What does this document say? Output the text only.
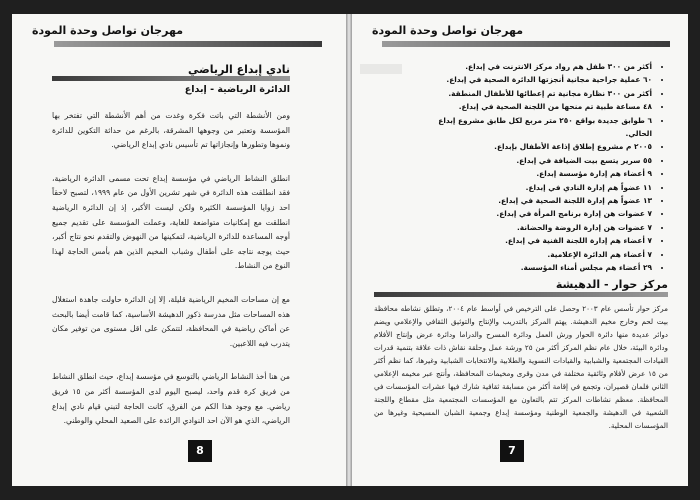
مهرجان تواصل وحدة المودة
نادي إبداع الرياضي
الدائرة الرياضية - إبداع

ومن الأنشطة التي باتت فكرة وغدت من أهم الأنشطة التي تفتخر بها المؤسسة وتعتبر من وجوهها المشرقة، بالرغم من حداثة التكوين للدائرة ونموها وتطورها وإنجازاتها تم تأسيس نادي إبداع الرياضي.

انطلق النشاط الرياضي في مؤسسة إبداع تحت مسمى الدائرة الرياضية، فقد انطلقت هذه الدائرة في شهر تشرين الأول من عام ١٩٩٩، لتصبح لاحقاً احد زوايا المؤسسة الكثيرة ولكن ليست الأكبر، إذ إن الدائرة الرياضية انطلقت مع إمكانيات متواضعة للغاية، وعملت المؤسسة على تقديم جميع أوجه المساعدة للدائرة الرياضية، لتمكينها من النهوض والتقدم نحو نتاج أكبر، حيث يوجه نتاجه على أطفال وشباب المخيم الذين هم بأمس الحاجة لهذا النوع من النشاط.

مع إن مساحات المخيم الرياضية قليلة، إلا إن الدائرة حاولت جاهدة استغلال هذه المساحات مثل مدرسة ذكور الدهيشة الأساسية، كما قامت أيضا بالبحث عن أماكن رياضية في المحافظة، لتتمكن على اقل مستوى من توفير مكان يتدرب فيه اللاعبين.

من هنا أخذ النشاط الرياضي بالتوسع في مؤسسة إبداع، حيث انطلق النشاط من فريق كرة قدم واحد، ليصبح اليوم لدى المؤسسة أكثر من ١٥ فريق رياضي. مع وجود هذا الكم من الفرق، كانت الحاجة لتبني قيام نادي إبداع الرياضي، الذي هو الآن احد النوادي الرائدة على الصعيد المحلي والوطني.

8
مهرجان تواصل وحدة المودة
• أكثر من ٣٠٠ طفل هم رواد مركز الانترنت في إبداع.
• ٦٠ عملية جراحية مجانية أنجزتها الدائرة الصحية في إبداع.
• أكثر من ٣٠٠ نظارة مجانية تم إعطائها للأطفال المنطقة.
• ٤٨ مساعة طبية تم منحها من اللجنة الصحية في إبداع.
• ٦ طوابق جديدة بواقع ٢٥٠ متر مربع لكل طابق مشروع إبداع الحالي.
• ٢٠٠٥ م مشروع إطلاق إذاعة الأطفال بإبداع.
• ٥٥ سرير يتسع بيت الضيافة في إبداع.
• ٩ أعضاء هم إدارة مؤسسة إبداع.
• ١١ عضواً هم إدارة النادي في إبداع.
• ١٣ عضواً هم إدارة اللجنة الصحية في إبداع.
• ٧ عضوات هن إدارة برنامج المرأة في إبداع.
• ٧ عضوات هن إدارة الروضة والحضانة.
• ٧ أعضاء هم إدارة اللجنة الفنية في إبداع.
• ٧ أعضاء هم الدائرة الإعلامية.
• ٢٩ أعضاء هم مجلس أمناء المؤسسة.
مركز حوار - الدهيشة
مركز حوار تأسس عام ٢٠٠٣ وحصل على الترخيص في أواسط عام ٢٠٠٤، وتطلق نشاطه محافظة بيت لحم وخارج مخيم الدهيشة. يهتم المركز بالتدريب والإنتاج والتوثيق الثقافي والإعلامي ويضم دوائر عديدة منها دائرة الحوار ورش العمل ودائرة المسرح والدراما ودائرة عرض وإنتاج الأفلام ودائرة البيئة، خلال عام نظم المركز أكثر من ٢٥ ورشة عمل وحلقة نقاش ذات علاقة بتنمية قدرات القيادات المجتمعية والشبابية والقيادات النسوية والطلابية والانتخابات الشبابية وغيرها، كما نظم أكثر من ١٥ عرض لأفلام وثائقية مختلفة في مدن وقرى ومخيمات المحافظة، وأنتج عبر مخيمه الإعلامي الثاني فلمان قصيران، وتجمع في إقامة أكثر من مسابقة ثقافية شارك فيها عشرات المؤسسات في المحافظة. معظم نشاطات المركز تتم بالتعاون مع المؤسسات المجتمعية مثل مقطاع واللجنة الشعبية في الدهيشة والجمعية الوطنية ومؤسسة إبداع وجمعية الشبان المسيحية وغيرها من المؤسسات المحلية.
7
